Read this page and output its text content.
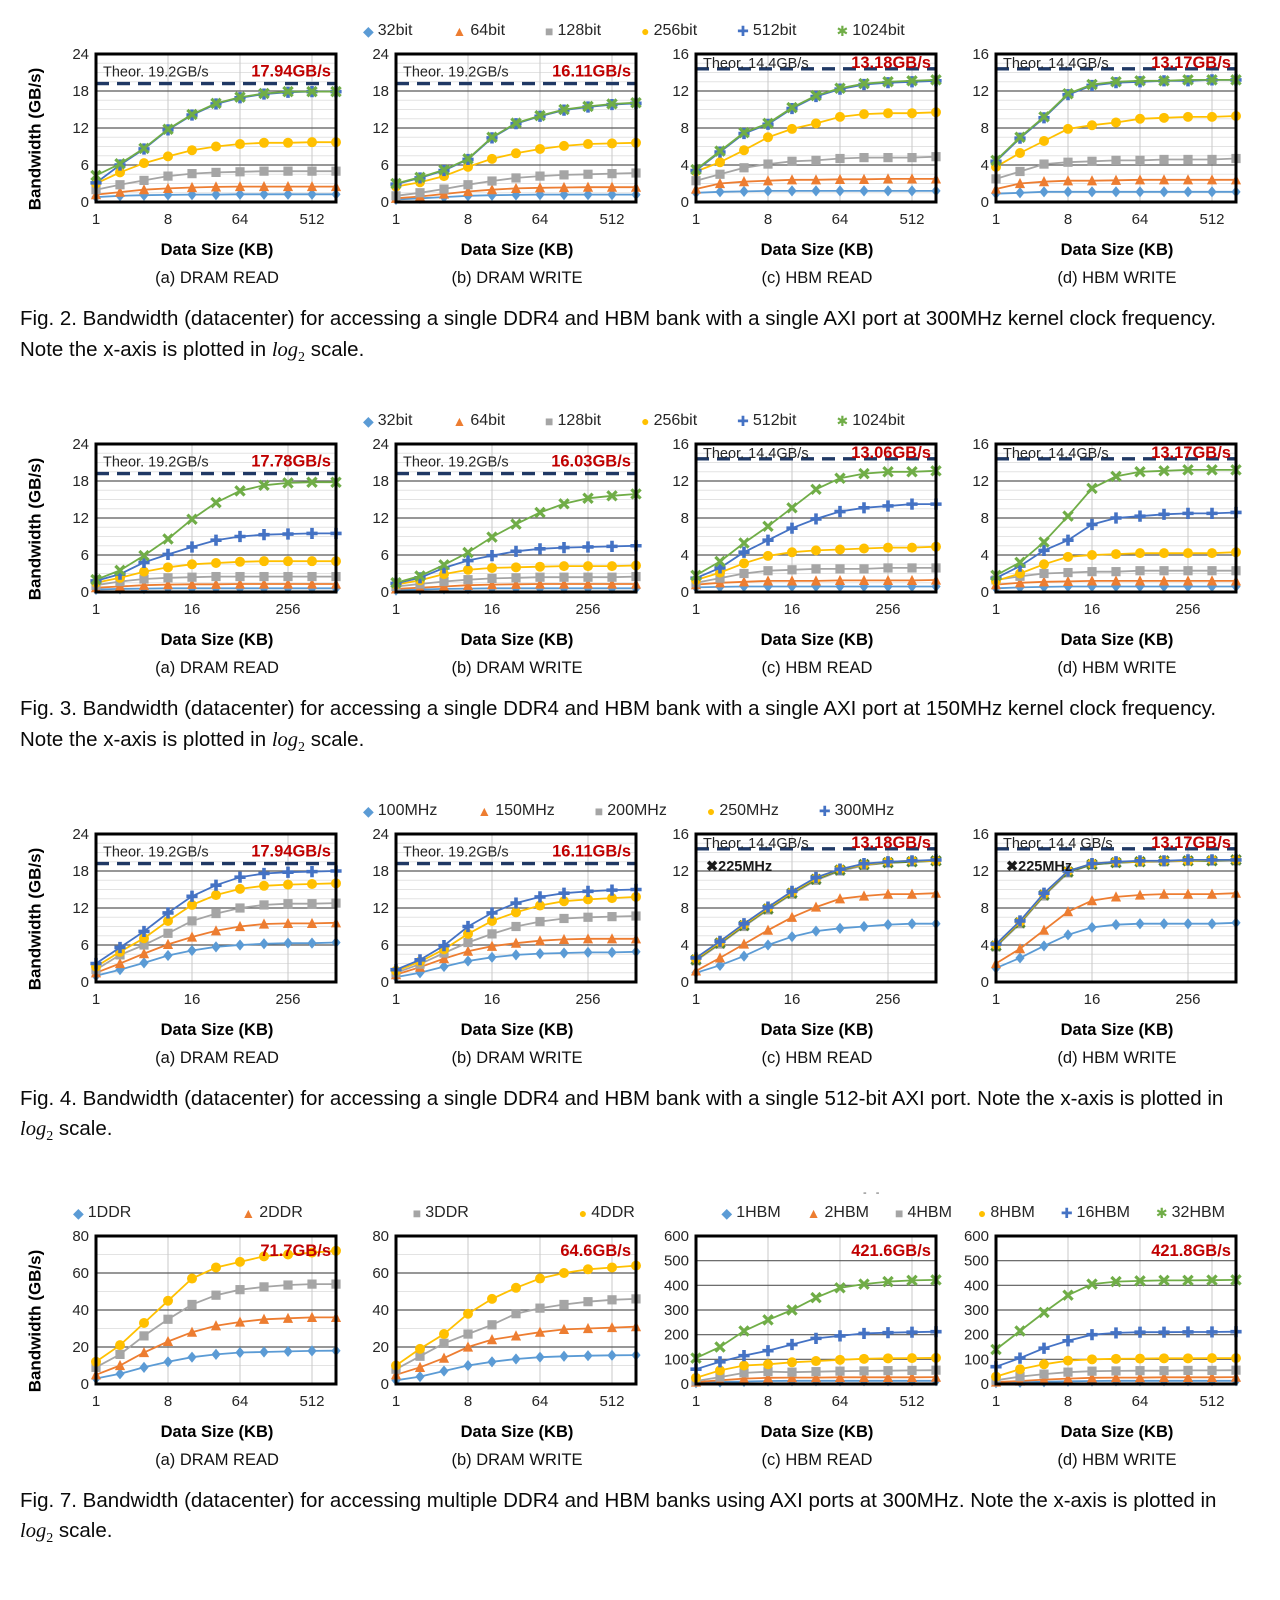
◆ 32bit	▲ 64bit	■ 128bit	● 256bit	✚ 512bit	✱ 1024bit
Bandwidth (GB/s)	Theor. 19.2GB/s	17.94GB/s
0
6
12
18
24
1	8	64	512
Data Size (KB)
(a) DRAM READ
Theor. 19.2GB/s	16.11GB/s
0
6
12
18
24
1	8	64	512
Data Size (KB)
(b) DRAM WRITE
Theor. 14.4GB/s	13.18GB/s
0
4
8
12
16
1	8	64	512
Data Size (KB)
(c) HBM READ
Theor. 14.4GB/s	13.17GB/s
0
4
8
12
16
1	8	64	512
Data Size (KB)
(d) HBM WRITE

Fig. 2. Bandwidth (datacenter) for accessing a single DDR4 and HBM bank with a single AXI port at 300MHz kernel clock frequency. Note the x-axis is plotted in $\log_2$ scale.

◆ 32bit	▲ 64bit	■ 128bit	● 256bit	✚ 512bit	✱ 1024bit
Bandwidth (GB/s)	Theor. 19.2GB/s	17.78GB/s
0
6
12
18
24
1	16	256
Data Size (KB)
(a) DRAM READ
Theor. 19.2GB/s	16.03GB/s
0
6
12
18
24
1	16	256
Data Size (KB)
(b) DRAM WRITE
Theor. 14.4GB/s	13.06GB/s
0
4
8
12
16
1	16	256
Data Size (KB)
(c) HBM READ
Theor. 14.4GB/s	13.17GB/s
0
4
8
12
16
1	16	256
Data Size (KB)
(d) HBM WRITE

Fig. 3. Bandwidth (datacenter) for accessing a single DDR4 and HBM bank with a single AXI port at 150MHz kernel clock frequency. Note the x-axis is plotted in $\log_2$ scale.

◆ 100MHz	▲ 150MHz	■ 200MHz	● 250MHz	✚ 300MHz
Bandwidth (GB/s)	Theor. 19.2GB/s	17.94GB/s
0
6
12
18
24
1	16	256
Data Size (KB)
(a) DRAM READ
Theor. 19.2GB/s	16.11GB/s
0
6
12
18
24
1	16	256
Data Size (KB)
(b) DRAM WRITE
Theor. 14.4GB/s	13.18GB/s
✖225MHz
0
4
8
12
16
1	16	256
Data Size (KB)
(c) HBM READ
Theor. 14.4 GB/s 13.17GB/s
✖225MHz
0
4
8
12
16
1	16	256
Data Size (KB)
(d) HBM WRITE

Fig. 4. Bandwidth (datacenter) for accessing a single DDR4 and HBM bank with a single 512-bit AXI port. Note the x-axis is plotted in $\log_2$ scale.

- -
◆ 1DDR	▲ 2DDR	■ 3DDR	● 4DDR	◆ 1HBM ▲ 2HBM ■ 4HBM ● 8HBM ✚ 16HBM ✱ 32HBM
Bandwidth (GB/s)	71.7GB/s
0
20
40
60
80
1	8	64	512
Data Size (KB)
(a) DRAM READ
64.6GB/s
0
20
40
60
80
1	8	64	512
Data Size (KB)
(b) DRAM WRITE
421.6GB/s
0
100
200
300
400
500
600
1	8	64	512
Data Size (KB)
(c) HBM READ
421.8GB/s
0
100
200
300
400
500
600
1	8	64	512
Data Size (KB)
(d) HBM WRITE

Fig. 7. Bandwidth (datacenter) for accessing multiple DDR4 and HBM banks using AXI ports at 300MHz. Note the x-axis is plotted in $\log_2$ scale.
